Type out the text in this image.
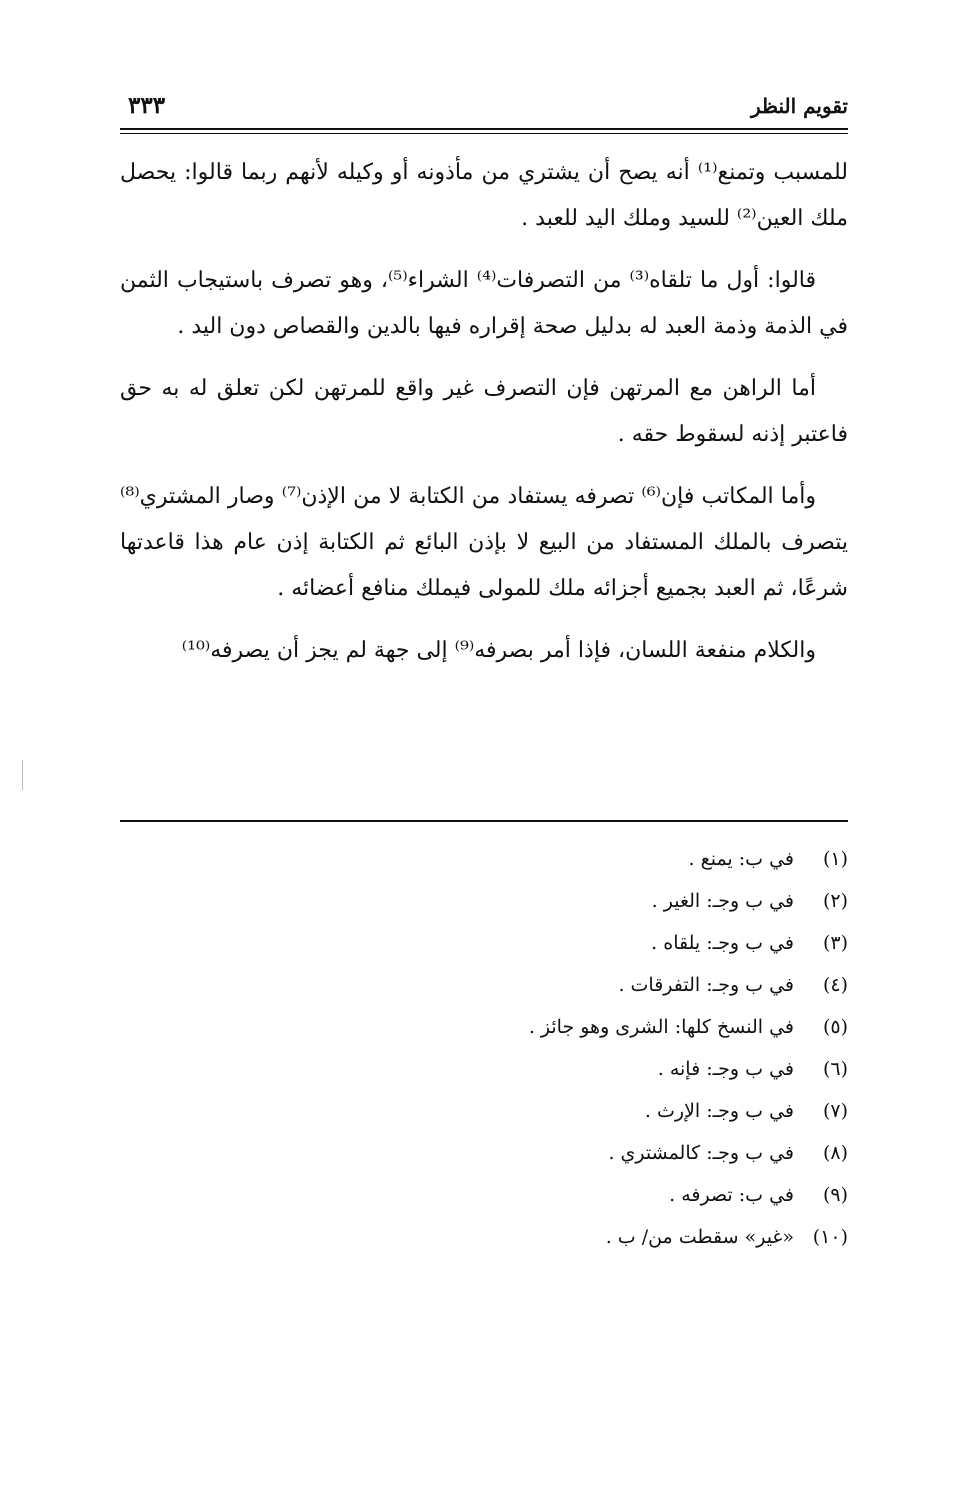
تقويم النظر
٣٣٣

للمسبب وتمنع⁽¹⁾ أنه يصح أن يشتري من مأذونه أو وكيله لأنهم ربما قالوا: يحصل ملك العين⁽²⁾ للسيد وملك اليد للعبد .

قالوا: أول ما تلقاه⁽³⁾ من التصرفات⁽⁴⁾ الشراء⁽⁵⁾، وهو تصرف باستيجاب الثمن في الذمة وذمة العبد له بدليل صحة إقراره فيها بالدين والقصاص دون اليد .

أما الراهن مع المرتهن فإن التصرف غير واقع للمرتهن لكن تعلق له به حق فاعتبر إذنه لسقوط حقه .

وأما المكاتب فإن⁽⁶⁾ تصرفه يستفاد من الكتابة لا من الإذن⁽⁷⁾ وصار المشتري⁽⁸⁾ يتصرف بالملك المستفاد من البيع لا بإذن البائع ثم الكتابة إذن عام هذا قاعدتها شرعًا، ثم العبد بجميع أجزائه ملك للمولى فيملك منافع أعضائه .

والكلام منفعة اللسان، فإذا أمر بصرفه⁽⁹⁾ إلى جهة لم يجز أن يصرفه⁽¹⁰⁾

(١)
في ب: يمنع .
(٢)
في ب وجـ: الغير .
(٣)
في ب وجـ: يلقاه .
(٤)
في ب وجـ: التفرقات .
(٥)
في النسخ كلها: الشرى وهو جائز .
(٦)
في ب وجـ: فإنه .
(٧)
في ب وجـ: الإرث .
(٨)
في ب وجـ: كالمشتري .
(٩)
في ب: تصرفه .
(١٠)
«غير» سقطت من/ ب .
